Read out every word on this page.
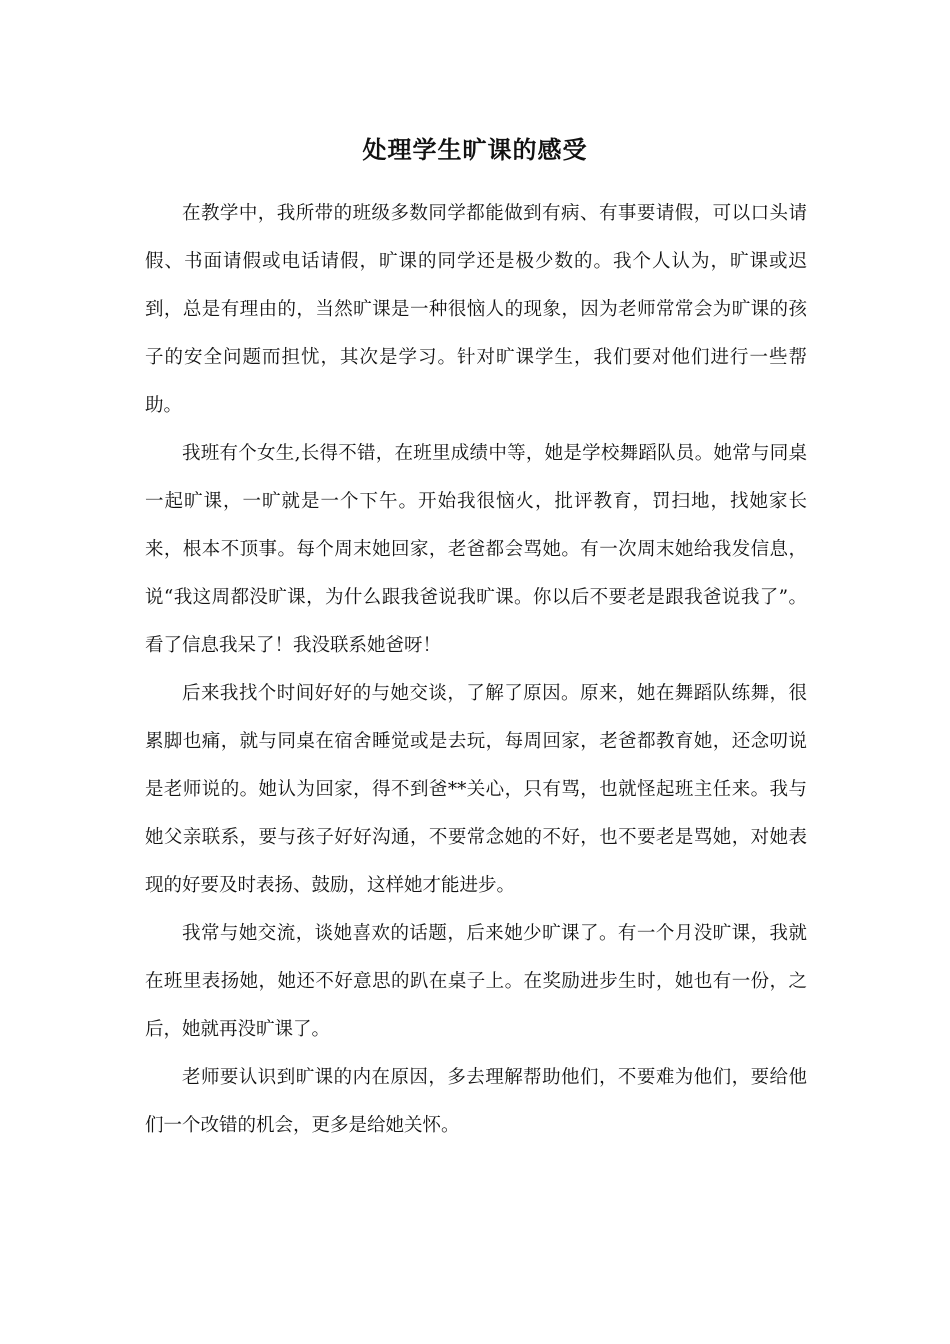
处理学生旷课的感受

在教学中，我所带的班级多数同学都能做到有病、有事要请假，可以口头请假、书面请假或电话请假，旷课的同学还是极少数的。我个人认为，旷课或迟到，总是有理由的，当然旷课是一种很恼人的现象，因为老师常常会为旷课的孩子的安全问题而担忧，其次是学习。针对旷课学生，我们要对他们进行一些帮助。

我班有个女生,长得不错，在班里成绩中等，她是学校舞蹈队员。她常与同桌一起旷课，一旷就是一个下午。开始我很恼火，批评教育，罚扫地，找她家长来，根本不顶事。每个周末她回家，老爸都会骂她。有一次周末她给我发信息，说“我这周都没旷课，为什么跟我爸说我旷课。你以后不要老是跟我爸说我了”。看了信息我呆了！我没联系她爸呀！

后来我找个时间好好的与她交谈，了解了原因。原来，她在舞蹈队练舞，很累脚也痛，就与同桌在宿舍睡觉或是去玩，每周回家，老爸都教育她，还念叨说是老师说的。她认为回家，得不到爸**关心，只有骂，也就怪起班主任来。我与她父亲联系，要与孩子好好沟通，不要常念她的不好，也不要老是骂她，对她表现的好要及时表扬、鼓励，这样她才能进步。

我常与她交流，谈她喜欢的话题，后来她少旷课了。有一个月没旷课，我就在班里表扬她，她还不好意思的趴在桌子上。在奖励进步生时，她也有一份，之后，她就再没旷课了。

老师要认识到旷课的内在原因，多去理解帮助他们，不要难为他们，要给他们一个改错的机会，更多是给她关怀。
